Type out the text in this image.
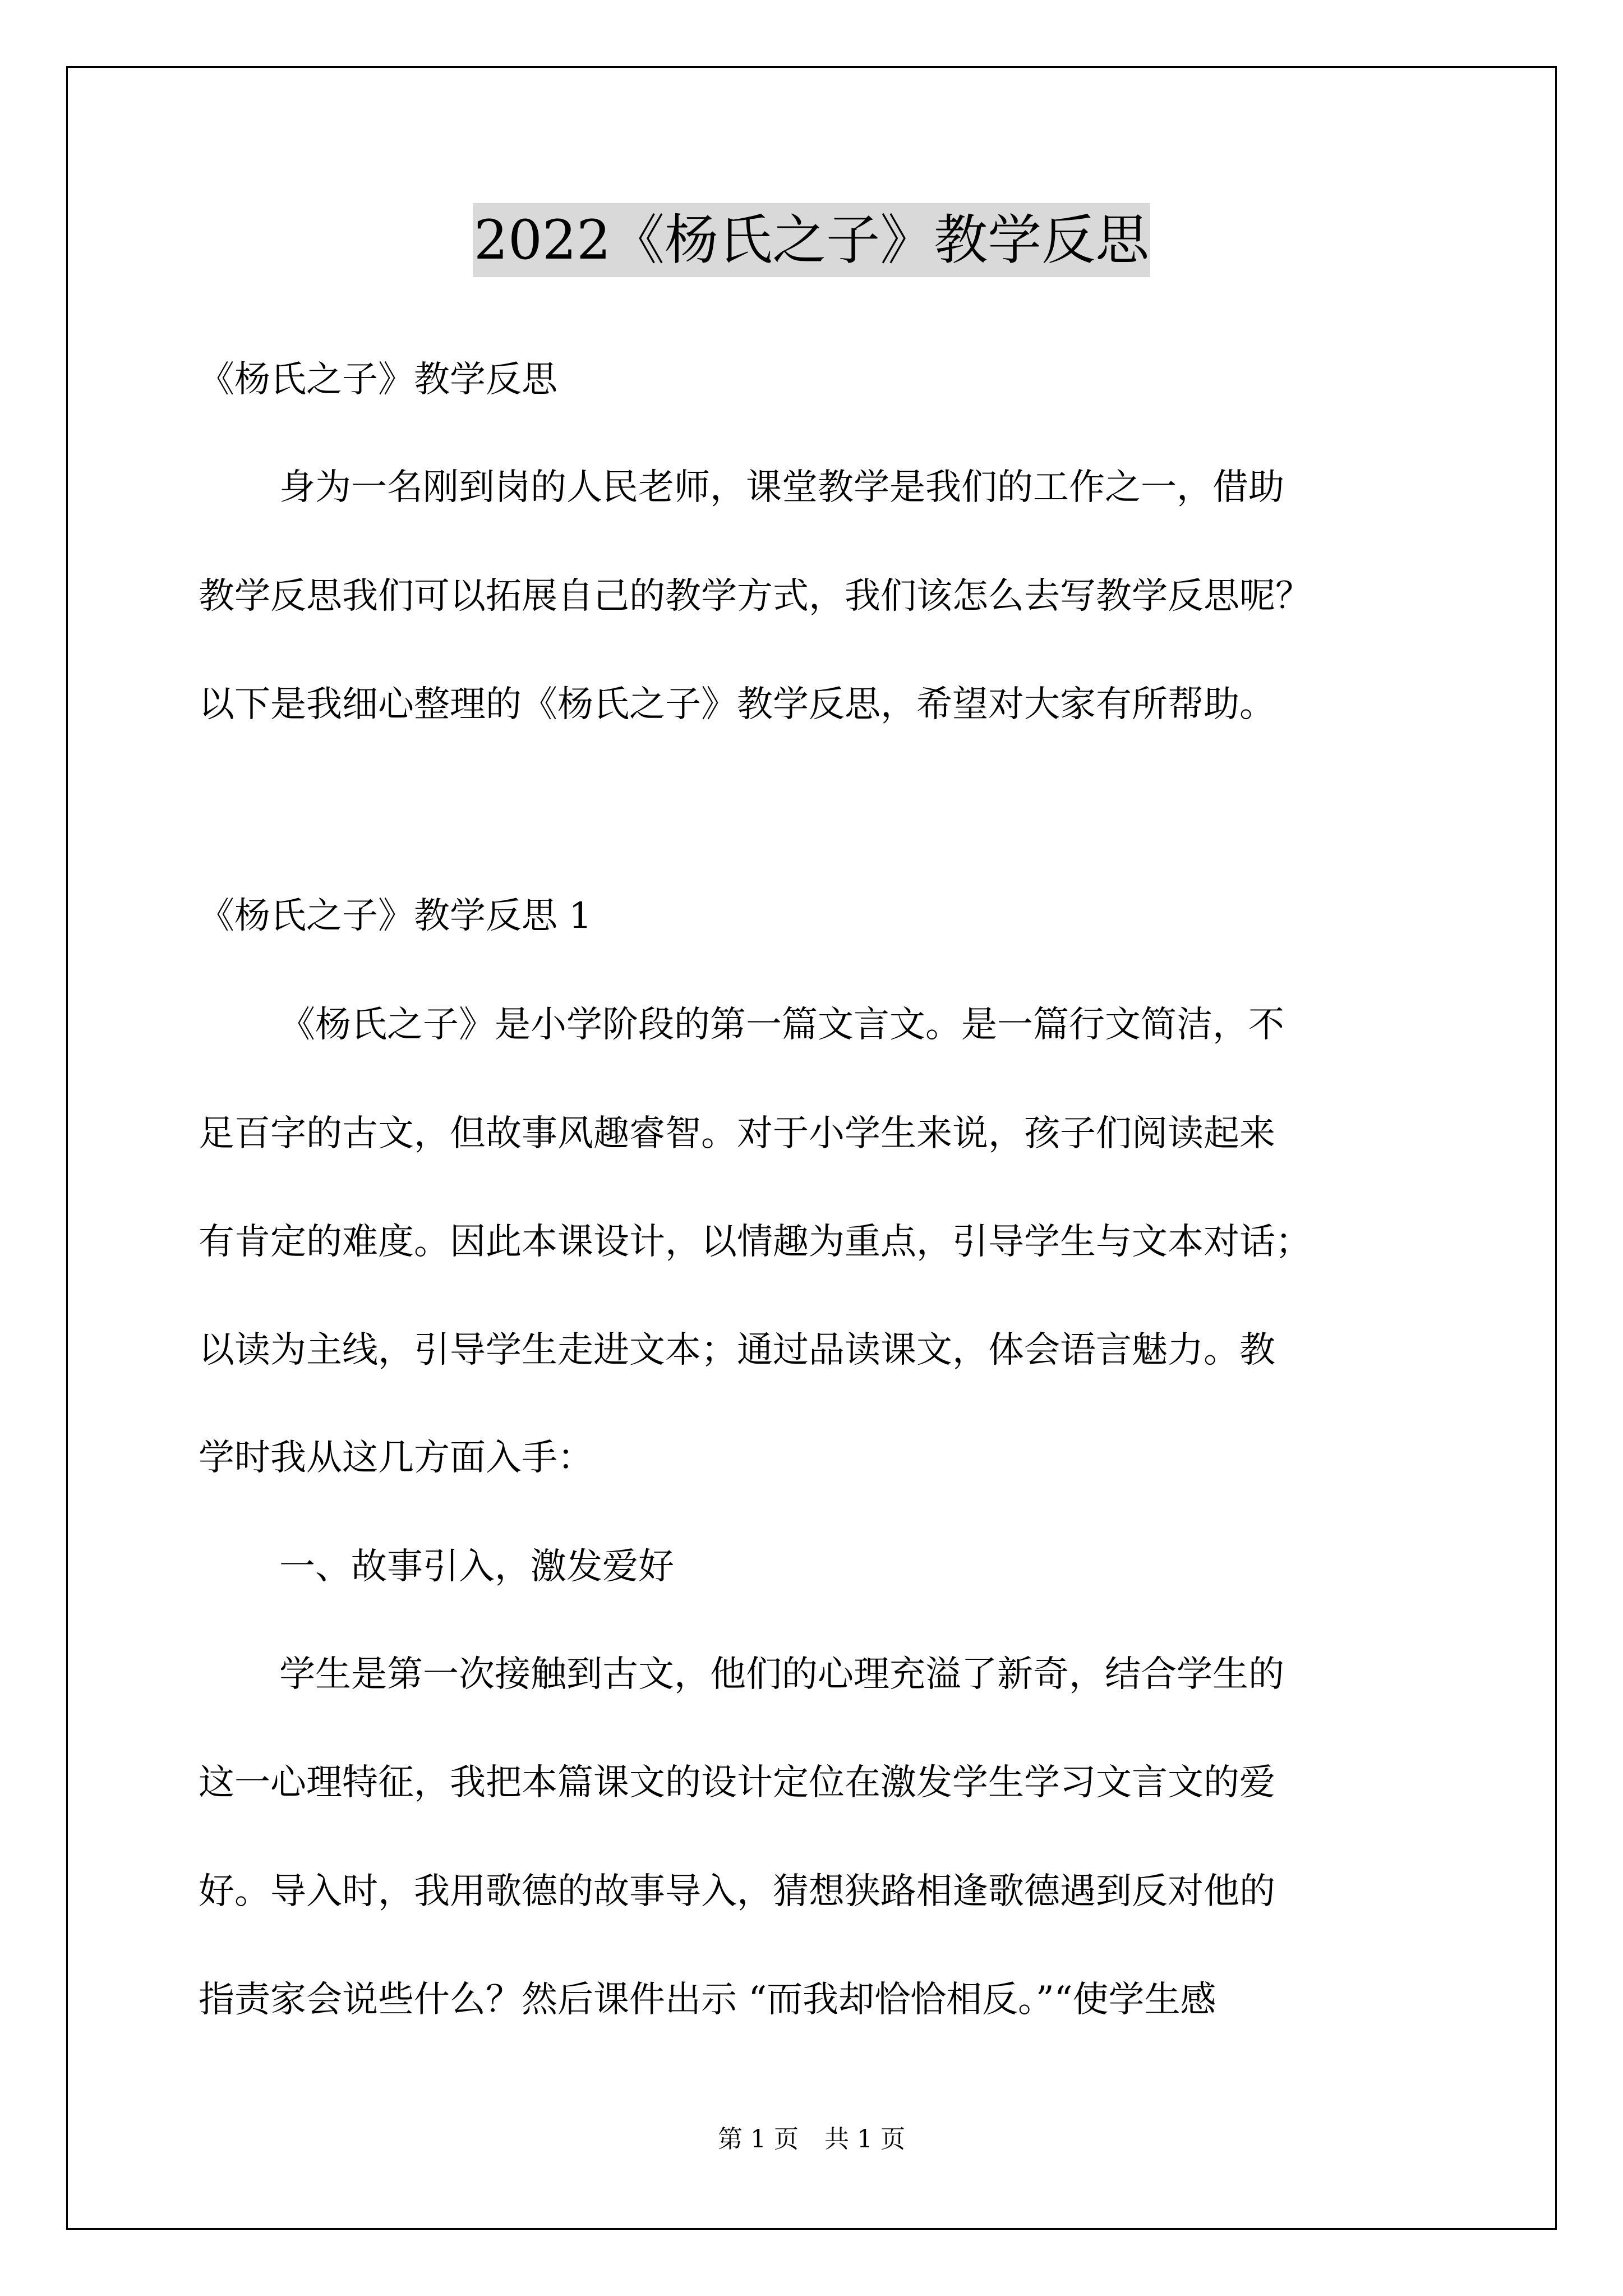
2022《杨氏之子》教学反思
《杨氏之子》教学反思
身为一名刚到岗的人民老师，课堂教学是我们的工作之一，借助
教学反思我们可以拓展自己的教学方式，我们该怎么去写教学反思呢？
以下是我细心整理的《杨氏之子》教学反思，希望对大家有所帮助。
《杨氏之子》教学反思 1
《杨氏之子》是小学阶段的第一篇文言文。是一篇行文简洁，不
足百字的古文，但故事风趣睿智。对于小学生来说，孩子们阅读起来
有肯定的难度。因此本课设计，以情趣为重点，引导学生与文本对话；
以读为主线，引导学生走进文本；通过品读课文，体会语言魅力。教
学时我从这几方面入手：
一、故事引入，激发爱好
学生是第一次接触到古文，他们的心理充溢了新奇，结合学生的
这一心理特征，我把本篇课文的设计定位在激发学生学习文言文的爱
好。导入时，我用歌德的故事导入，猜想狭路相逢歌德遇到反对他的
指责家会说些什么？然后课件出示 “而我却恰恰相反。”“使学生感
第 1 页 共 1 页
